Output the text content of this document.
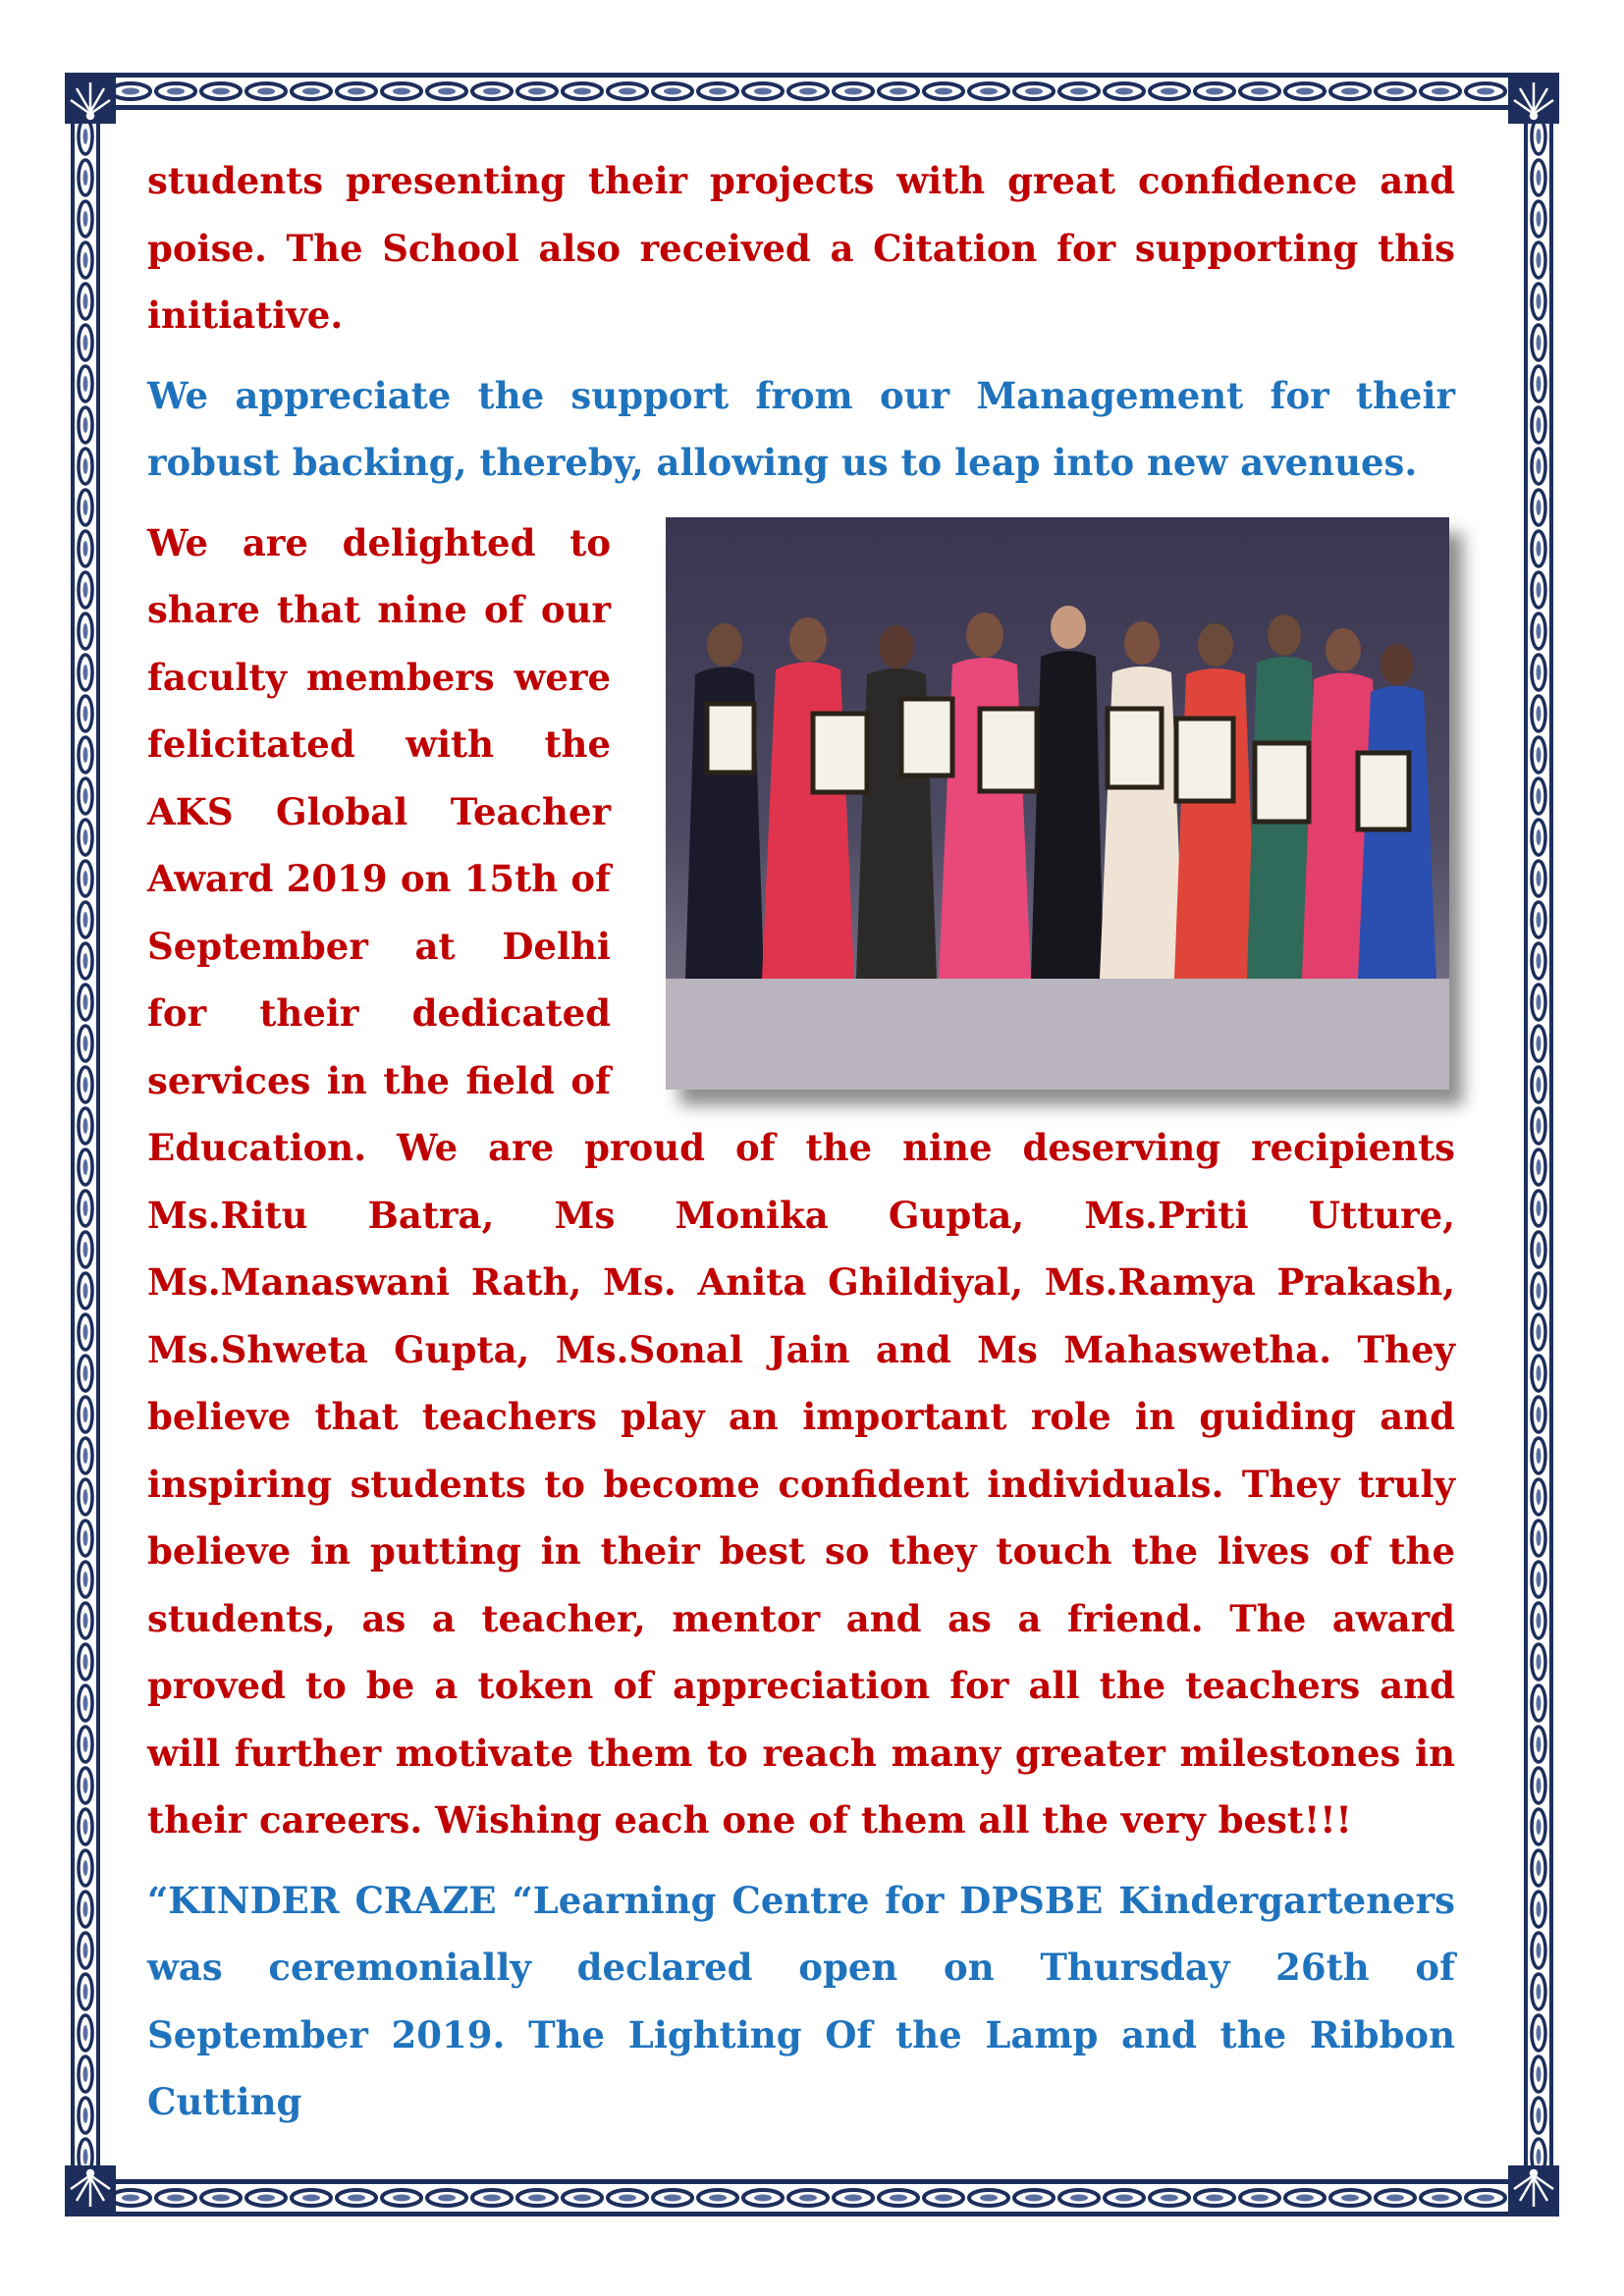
students presenting their projects with great confidence and poise. The School also received a Citation for supporting this initiative.

We appreciate the support from our Management for their robust backing, thereby, allowing us to leap into new avenues.

We are delighted to share that nine of our faculty members were felicitated with the AKS Global Teacher Award 2019 on 15th of September at Delhi for their dedicated services in the field of Education. We are proud of the nine deserving recipients Ms.Ritu Batra, Ms Monika Gupta, Ms.Priti Utture, Ms.Manaswani Rath, Ms. Anita Ghildiyal, Ms.Ramya Prakash, Ms.Shweta Gupta, Ms.Sonal Jain and Ms Mahaswetha. They believe that teachers play an important role in guiding and inspiring students to become confident individuals. They truly believe in putting in their best so they touch the lives of the students, as a teacher, mentor and as a friend. The award proved to be a token of appreciation for all the teachers and will further motivate them to reach many greater milestones in their careers. Wishing each one of them all the very best!!!

“KINDER CRAZE “Learning Centre for DPSBE Kindergarteners was ceremonially declared open on Thursday 26th of September 2019. The Lighting Of the Lamp and the Ribbon Cutting
